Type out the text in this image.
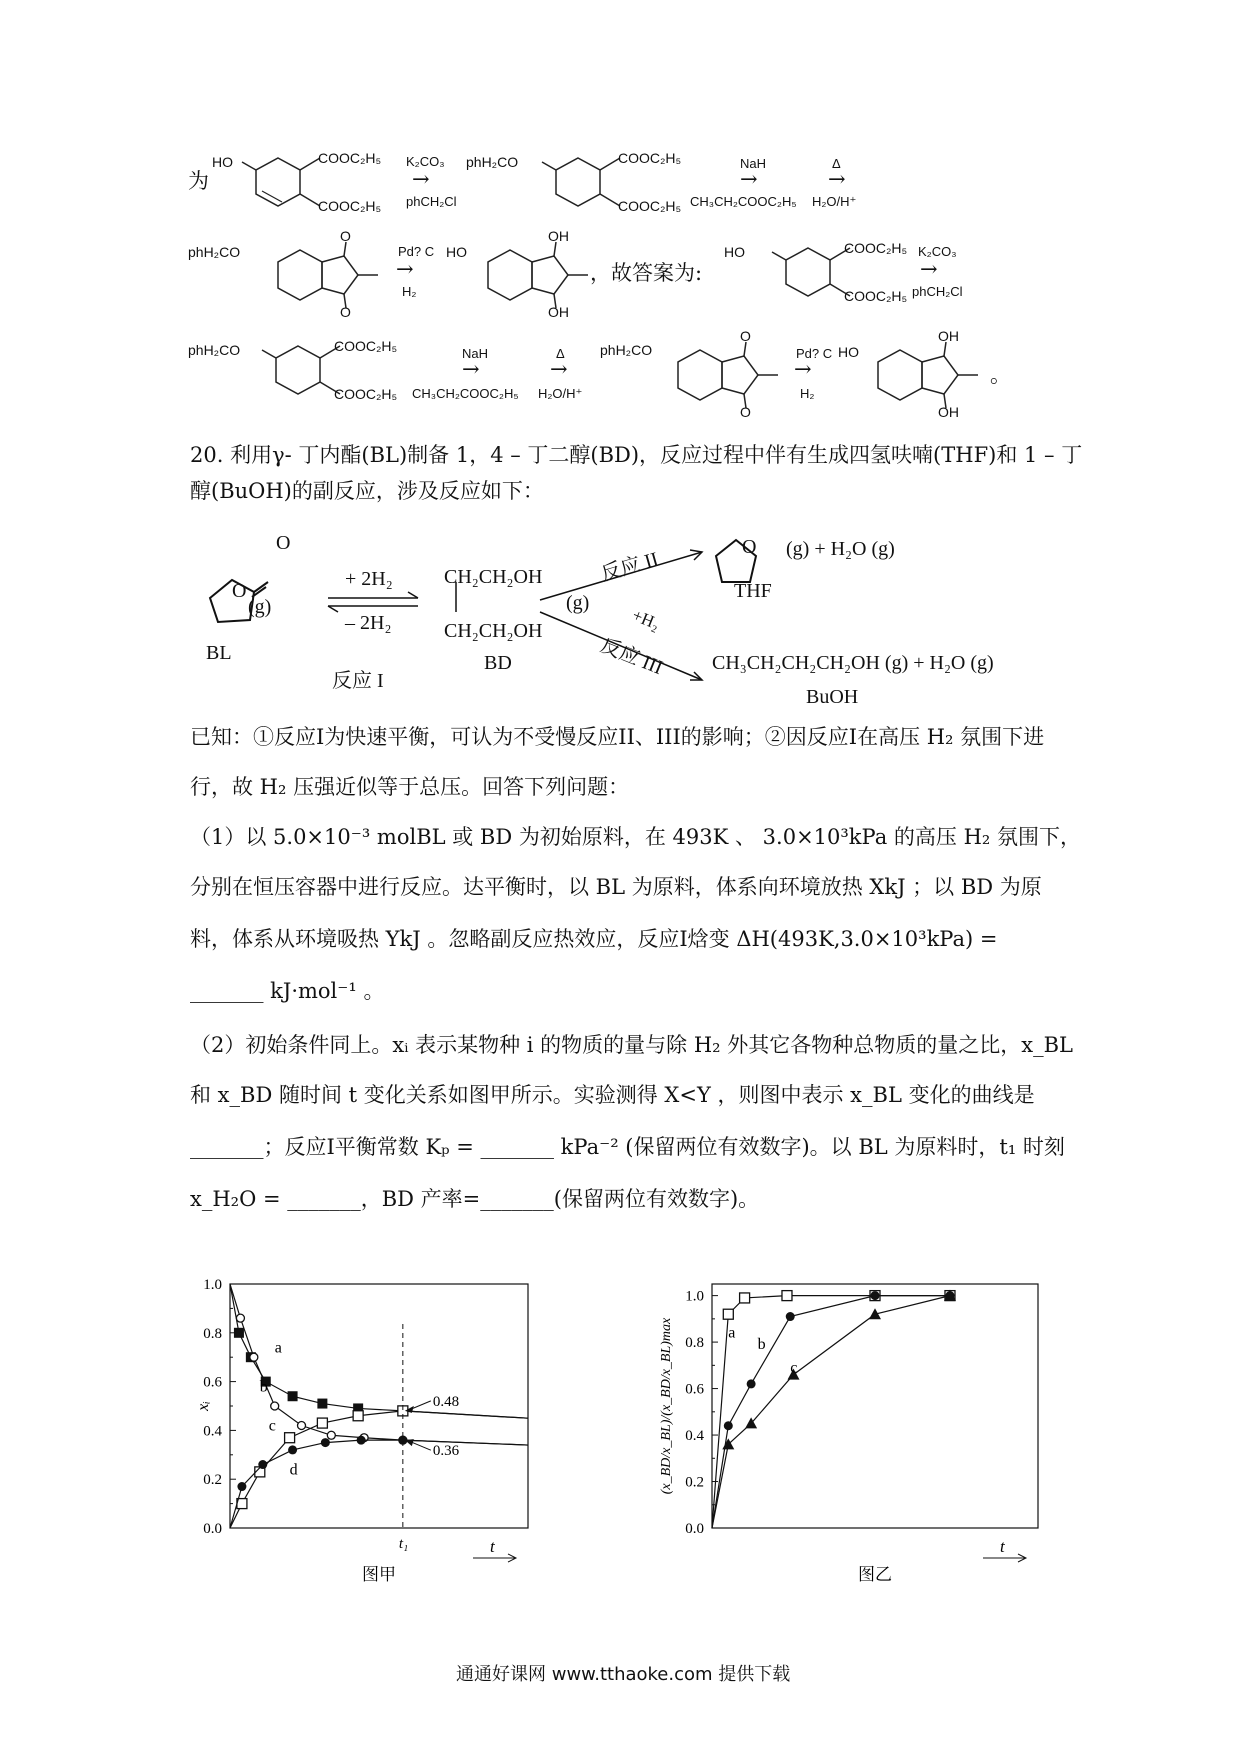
为
HO	COOC₂H₅
COOC₂H₅
K₂CO₃
→
phCH₂Cl
phH₂CO	COOC₂H₅
COOC₂H₅
NaH
→
CH₃CH₂COOC₂H₅
Δ
→
H₂O/H⁺
phH₂CO
O
O
Pd? C
→
H₂
HO
OH
OH
，故答案为:
HO	COOC₂H₅
COOC₂H₅
K₂CO₃
→
phCH₂Cl
phH₂CO	COOC₂H₅
COOC₂H₅
NaH
→
CH₃CH₂COOC₂H₅
Δ
→
H₂O/H⁺
phH₂CO
O
O
Pd? C
→
H₂
HO
OH
OH
。
20. 利用γ- 丁内酯(BL)制备 1，4 – 丁二醇(BD)，反应过程中伴有生成四氢呋喃(THF)和 1 – 丁
醇(BuOH)的副反应，涉及反应如下：
O
O
(g)
BL
+ 2H₂
– 2H₂
反应 I
CH₂CH₂OH
CH₂CH₂OH
(g)
BD
反应 II
O (g) + H₂O (g)
THF
+H₂
反应 III CH₃CH₂CH₂CH₂OH (g) + H₂O (g)
BuOH
已知：①反应I为快速平衡，可认为不受慢反应II、III的影响；②因反应I在高压 H₂ 氛围下进
行，故 H₂ 压强近似等于总压。回答下列问题：
（1）以 5.0×10⁻³ molBL 或 BD 为初始原料，在 493K 、 3.0×10³kPa 的高压 H₂ 氛围下，
分别在恒压容器中进行反应。达平衡时，以 BL 为原料，体系向环境放热 XkJ ；以 BD 为原
料，体系从环境吸热 YkJ 。忽略副反应热效应，反应I焓变 ΔH(493K,3.0×10³kPa) =
_______ kJ·mol⁻¹ 。
（2）初始条件同上。xᵢ 表示某物种 i 的物质的量与除 H₂ 外其它各物种总物质的量之比，x_BL
和 x_BD 随时间 t 变化关系如图甲所示。实验测得 X<Y ，则图中表示 x_BL 变化的曲线是
_______；反应I平衡常数 Kₚ = _______ kPa⁻² (保留两位有效数字)。以 BL 为原料时，t₁ 时刻
x_H₂O = _______，BD 产率=_______(保留两位有效数字)。
0.0
0.2
0.4
0.6
0.8
1.0
t
图甲
xᵢ
t₁
a
b
c
d
0.48
0.36
0.0
0.2
0.4
0.6
0.8
1.0
t
图乙
(x_BD/x_BL)/(x_BD/x_BL)max	a
b
c
通通好课网 www.tthaoke.com 提供下载
